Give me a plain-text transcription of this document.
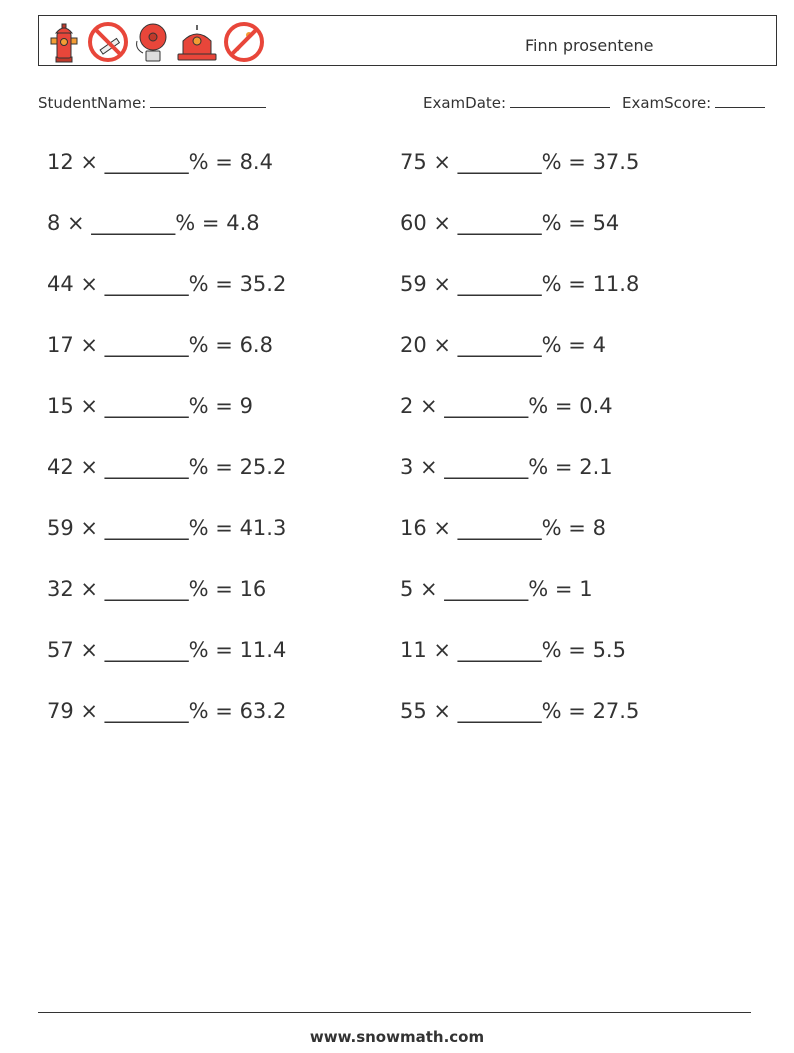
Finn prosentene
StudentName:	ExamDate:	ExamScore:
12 × ________% = 8.4	75 × ________% = 37.5
8 × ________% = 4.8	60 × ________% = 54
44 × ________% = 35.2	59 × ________% = 11.8
17 × ________% = 6.8	20 × ________% = 4
15 × ________% = 9	2 × ________% = 0.4
42 × ________% = 25.2	3 × ________% = 2.1
59 × ________% = 41.3	16 × ________% = 8
32 × ________% = 16	5 × ________% = 1
57 × ________% = 11.4	11 × ________% = 5.5
79 × ________% = 63.2	55 × ________% = 27.5
www.snowmath.com
